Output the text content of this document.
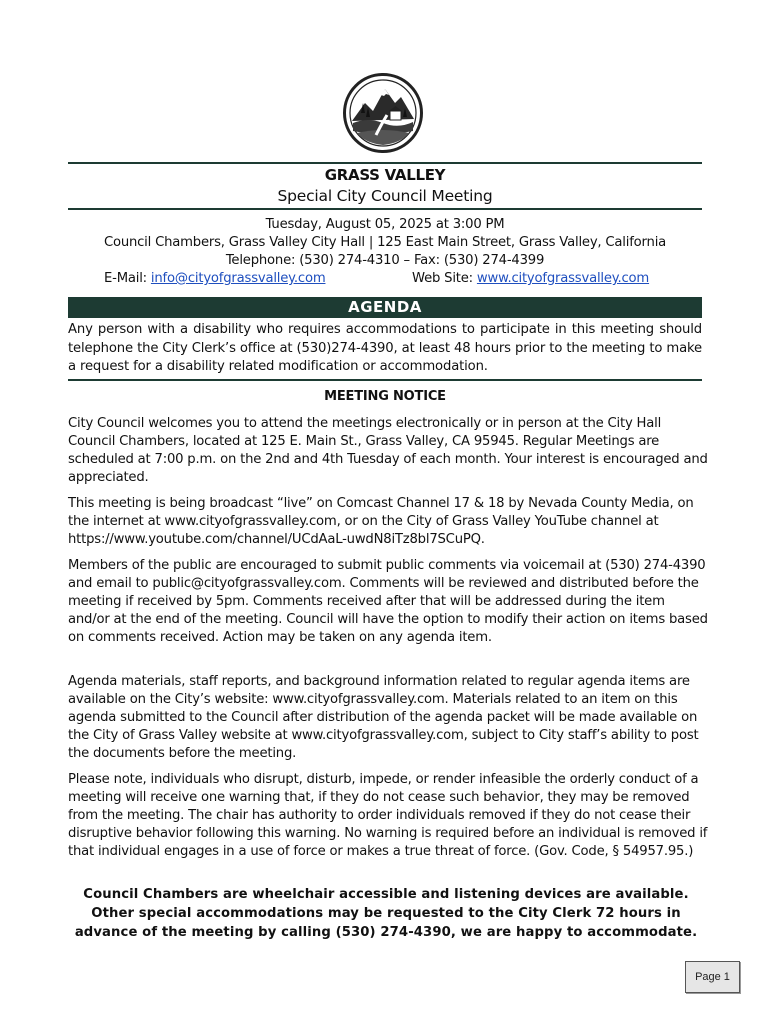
GRASS VALLEY
Special City Council Meeting
Tuesday, August 05, 2025 at 3:00 PM
Council Chambers, Grass Valley City Hall | 125 East Main Street, Grass Valley, California
Telephone: (530) 274-4310 – Fax: (530) 274-4399
E-Mail: info@cityofgrassvalley.com	Web Site: www.cityofgrassvalley.com
AGENDA
Any person with a disability who requires accommodations to participate in this meeting should telephone the City Clerk’s office at (530)274-4390, at least 48 hours prior to the meeting to make a request for a disability related modification or accommodation.
MEETING NOTICE
City Council welcomes you to attend the meetings electronically or in person at the City Hall Council Chambers, located at 125 E. Main St., Grass Valley, CA 95945. Regular Meetings are scheduled at 7:00 p.m. on the 2nd and 4th Tuesday of each month. Your interest is encouraged and appreciated.
This meeting is being broadcast “live” on Comcast Channel 17 & 18 by Nevada County Media, on the internet at www.cityofgrassvalley.com, or on the City of Grass Valley YouTube channel at https://www.youtube.com/channel/UCdAaL-uwdN8iTz8bl7SCuPQ.
Members of the public are encouraged to submit public comments via voicemail at (530) 274-4390 and email to public@cityofgrassvalley.com. Comments will be reviewed and distributed before the meeting if received by 5pm. Comments received after that will be addressed during the item and/or at the end of the meeting. Council will have the option to modify their action on items based on comments received. Action may be taken on any agenda item.
Agenda materials, staff reports, and background information related to regular agenda items are available on the City’s website: www.cityofgrassvalley.com. Materials related to an item on this agenda submitted to the Council after distribution of the agenda packet will be made available on the City of Grass Valley website at www.cityofgrassvalley.com, subject to City staff’s ability to post the documents before the meeting.
Please note, individuals who disrupt, disturb, impede, or render infeasible the orderly conduct of a meeting will receive one warning that, if they do not cease such behavior, they may be removed from the meeting. The chair has authority to order individuals removed if they do not cease their disruptive behavior following this warning. No warning is required before an individual is removed if that individual engages in a use of force or makes a true threat of force. (Gov. Code, § 54957.95.)
Council Chambers are wheelchair accessible and listening devices are available. Other special accommodations may be requested to the City Clerk 72 hours in advance of the meeting by calling (530) 274-4390, we are happy to accommodate.
Page 1
